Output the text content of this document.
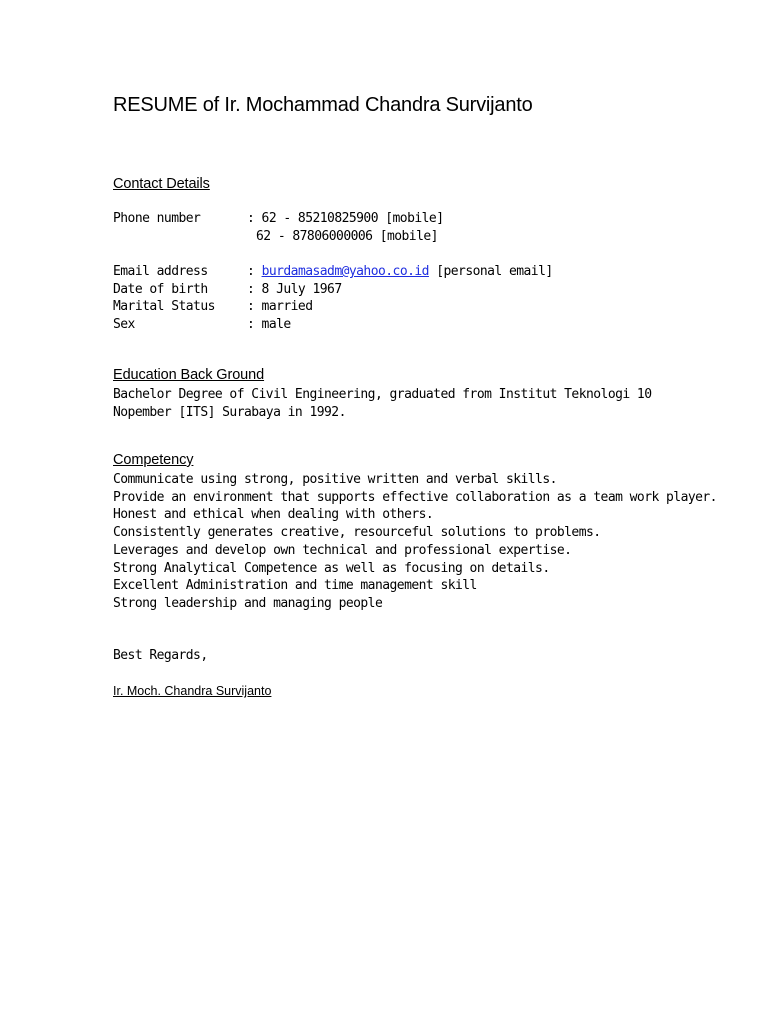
RESUME of Ir. Mochammad Chandra Survijanto
Contact Details
Phone number	: 62 - 85210825900 [mobile]
62 - 87806000006 [mobile]
Email address	: burdamasadm@yahoo.co.id [personal email]
Date of birth	: 8 July 1967
Marital Status : married
Sex	: male
Education Back Ground
Bachelor Degree of Civil Engineering, graduated from Institut Teknologi 10
Nopember [ITS] Surabaya in 1992.
Competency
Communicate using strong, positive written and verbal skills.
Provide an environment that supports effective collaboration as a team work player.
Honest and ethical when dealing with others.
Consistently generates creative, resourceful solutions to problems.
Leverages and develop own technical and professional expertise.
Strong Analytical Competence as well as focusing on details.
Excellent Administration and time management skill
Strong leadership and managing people
Best Regards,
Ir. Moch. Chandra Survijanto
